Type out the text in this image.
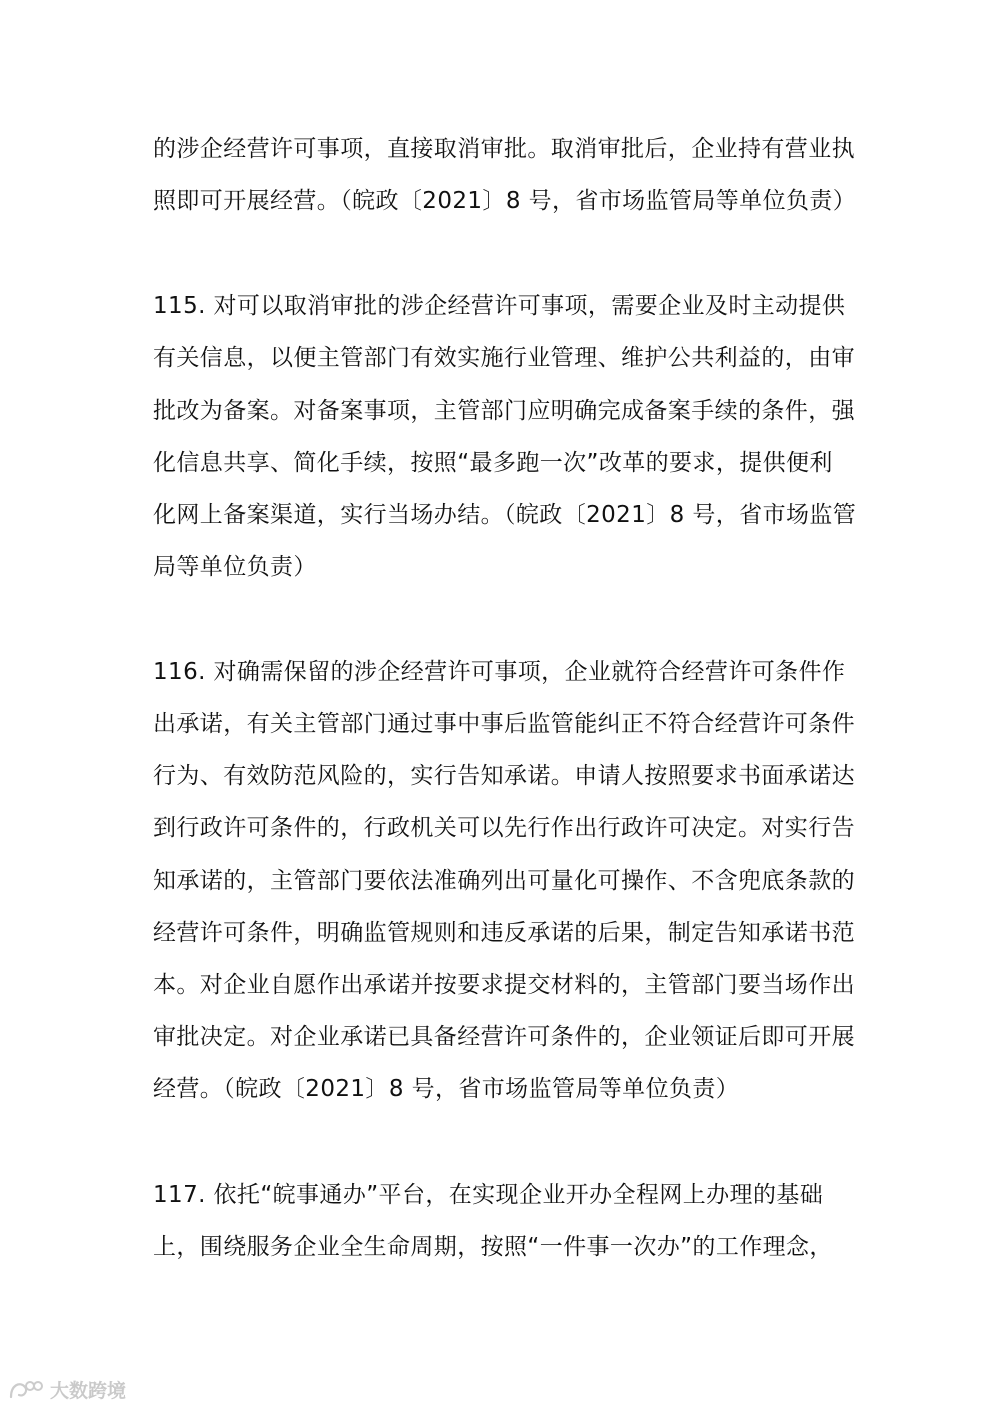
的涉企经营许可事项，直接取消审批。取消审批后，企业持有营业执

照即可开展经营。（皖政〔2021〕8 号，省市场监管局等单位负责）

115. 对可以取消审批的涉企经营许可事项，需要企业及时主动提供

有关信息，以便主管部门有效实施行业管理、维护公共利益的，由审

批改为备案。对备案事项，主管部门应明确完成备案手续的条件，强

化信息共享、简化手续，按照“最多跑一次”改革的要求，提供便利

化网上备案渠道，实行当场办结。（皖政〔2021〕8 号，省市场监管

局等单位负责）

116. 对确需保留的涉企经营许可事项，企业就符合经营许可条件作

出承诺，有关主管部门通过事中事后监管能纠正不符合经营许可条件

行为、有效防范风险的，实行告知承诺。申请人按照要求书面承诺达

到行政许可条件的，行政机关可以先行作出行政许可决定。对实行告

知承诺的，主管部门要依法准确列出可量化可操作、不含兜底条款的

经营许可条件，明确监管规则和违反承诺的后果，制定告知承诺书范

本。对企业自愿作出承诺并按要求提交材料的，主管部门要当场作出

审批决定。对企业承诺已具备经营许可条件的，企业领证后即可开展

经营。（皖政〔2021〕8 号，省市场监管局等单位负责）

117. 依托“皖事通办”平台，在实现企业开办全程网上办理的基础

上，围绕服务企业全生命周期，按照“一件事一次办”的工作理念，

大数跨境
